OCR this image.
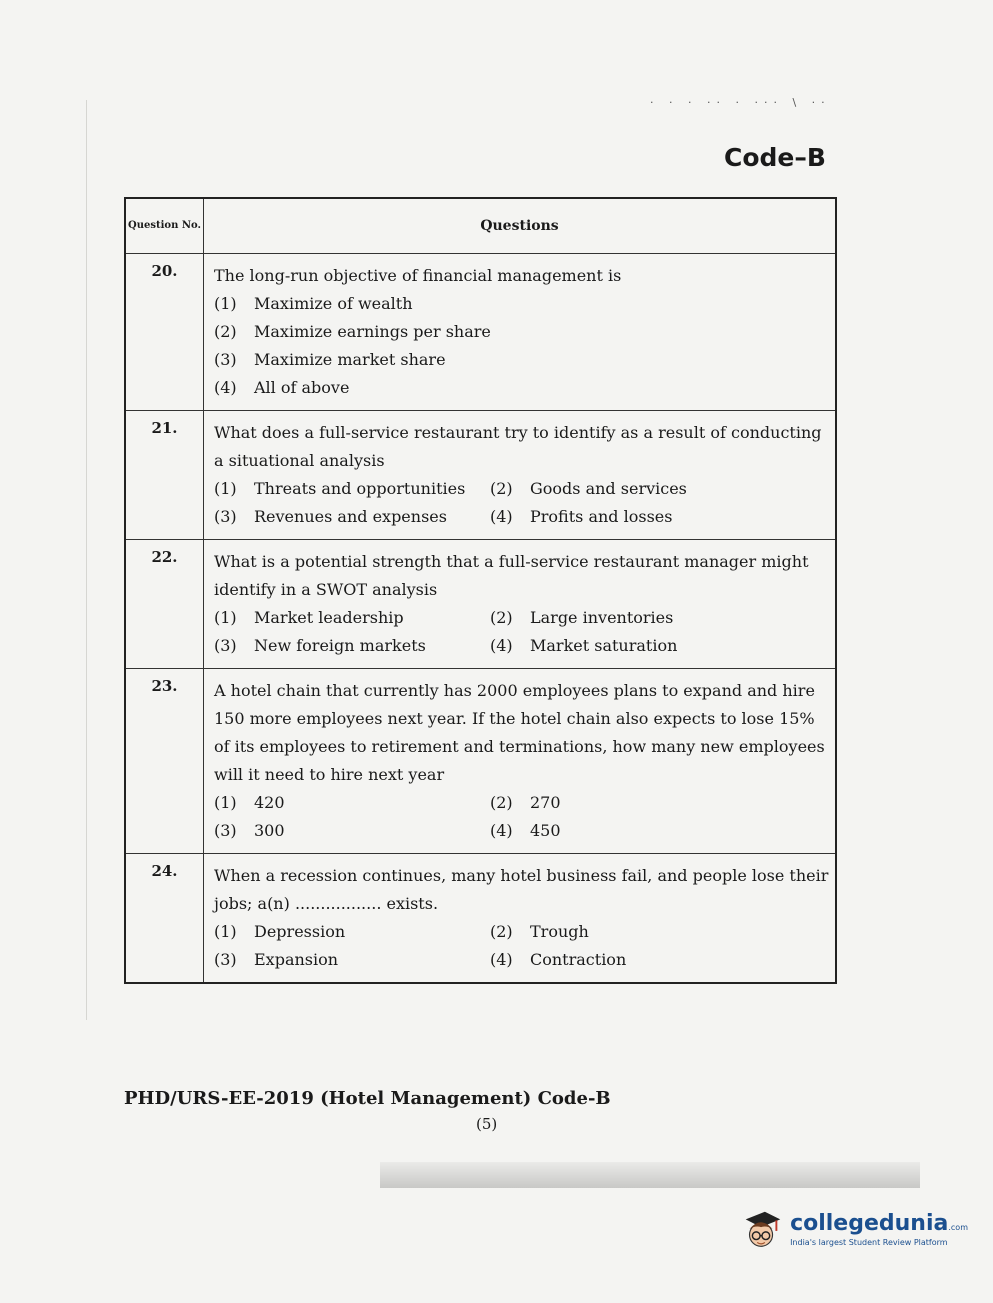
· · · ·· · ··· \ ··
Code–B
Question No.	Questions
20.	The long-run objective of financial management is
(1) Maximize of wealth
(2) Maximize earnings per share
(3) Maximize market share
(4) All of above

21.	What does a full-service restaurant try to identify as a result of conducting a situational analysis
(1) Threats and opportunities (2) Goods and services
(3) Revenues and expenses (4) Profits and losses

22.	What is a potential strength that a full-service restaurant manager might identify in a SWOT analysis
(1) Market leadership (2) Large inventories
(3) New foreign markets (4) Market saturation

23.	A hotel chain that currently has 2000 employees plans to expand and hire 150 more employees next year. If the hotel chain also expects to lose 15% of its employees to retirement and terminations, how many new employees will it need to hire next year
(1) 420 (2) 270
(3) 300 (4) 450

24.	When a recession continues, many hotel business fail, and people lose their jobs; a(n) ................. exists.
(1) Depression (2) Trough
(3) Expansion (4) Contraction
PHD/URS-EE-2019 (Hotel Management) Code-B
(5)
collegedunia.com
India's largest Student Review Platform
